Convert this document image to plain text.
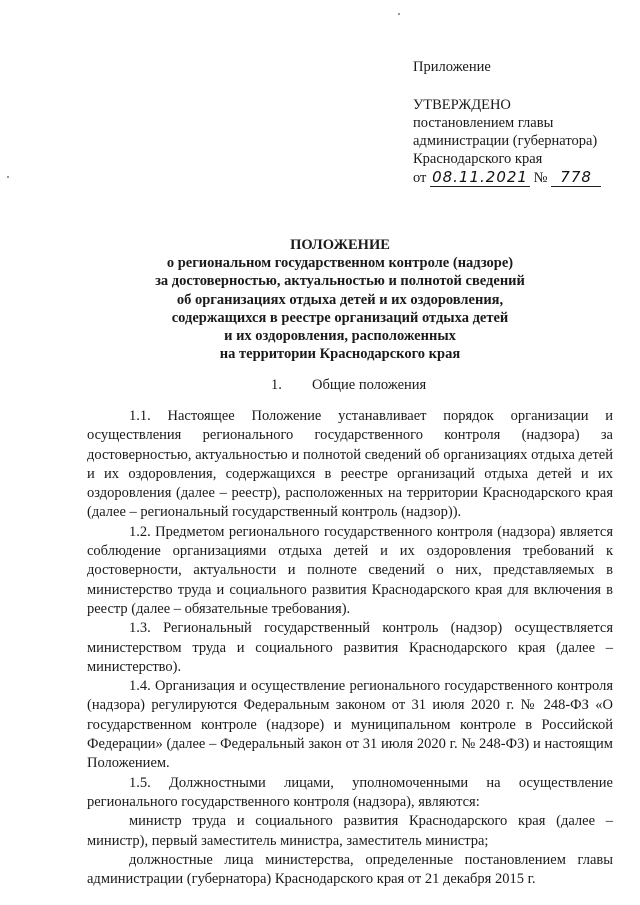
Приложение
УТВЕРЖДЕНО
постановлением главы
администрации (губернатора)
Краснодарского края
от 08.11.2021 № 778
ПОЛОЖЕНИЕ
о региональном государственном контроле (надзоре)
за достоверностью, актуальностью и полнотой сведений
об организациях отдыха детей и их оздоровления,
содержащихся в реестре организаций отдыха детей
и их оздоровления, расположенных
на территории Краснодарского края
1. Общие положения

1.1. Настоящее Положение устанавливает порядок организации и осуществления регионального государственного контроля (надзора) за достоверностью, актуальностью и полнотой сведений об организациях отдыха детей и их оздоровления, содержащихся в реестре организаций отдыха детей и их оздоровления (далее – реестр), расположенных на территории Краснодарского края (далее – региональный государственный контроль (надзор)).

1.2. Предметом регионального государственного контроля (надзора) является соблюдение организациями отдыха детей и их оздоровления требований к достоверности, актуальности и полноте сведений о них, представляемых в министерство труда и социального развития Краснодарского края для включения в реестр (далее – обязательные требования).

1.3. Региональный государственный контроль (надзор) осуществляется министерством труда и социального развития Краснодарского края (далее – министерство).

1.4. Организация и осуществление регионального государственного контроля (надзора) регулируются Федеральным законом от 31 июля 2020 г. № 248-ФЗ «О государственном контроле (надзоре) и муниципальном контроле в Российской Федерации» (далее – Федеральный закон от 31 июля 2020 г. № 248-ФЗ) и настоящим Положением.

1.5. Должностными лицами, уполномоченными на осуществление регионального государственного контроля (надзора), являются:

министр труда и социального развития Краснодарского края (далее – министр), первый заместитель министра, заместитель министра;

должностные лица министерства, определенные постановлением главы администрации (губернатора) Краснодарского края от 21 декабря 2015 г.
